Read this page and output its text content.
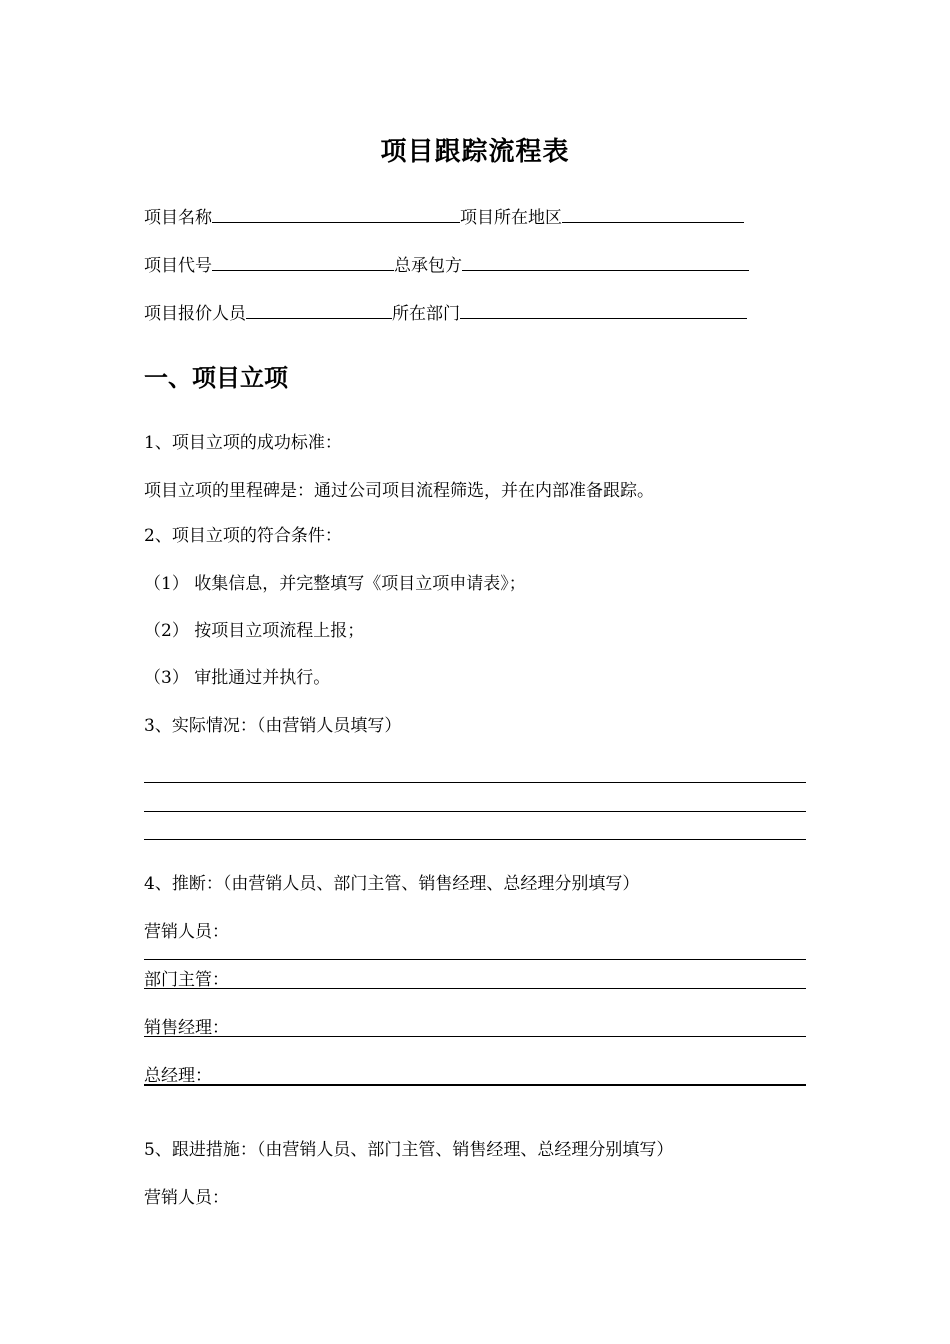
项目跟踪流程表
项目名称	项目所在地区
项目代号	总承包方
项目报价人员	所在部门
一、项目立项
1、项目立项的成功标准：
项目立项的里程碑是：通过公司项目流程筛选，并在内部准备跟踪。
2、项目立项的符合条件：
（1） 收集信息，并完整填写《项目立项申请表》；
（2） 按项目立项流程上报；
（3） 审批通过并执行。
3、实际情况：（由营销人员填写）
4、推断：（由营销人员、部门主管、销售经理、总经理分别填写）
营销人员：
部门主管：
销售经理：
总经理：
5、跟进措施：（由营销人员、部门主管、销售经理、总经理分别填写）
营销人员：
